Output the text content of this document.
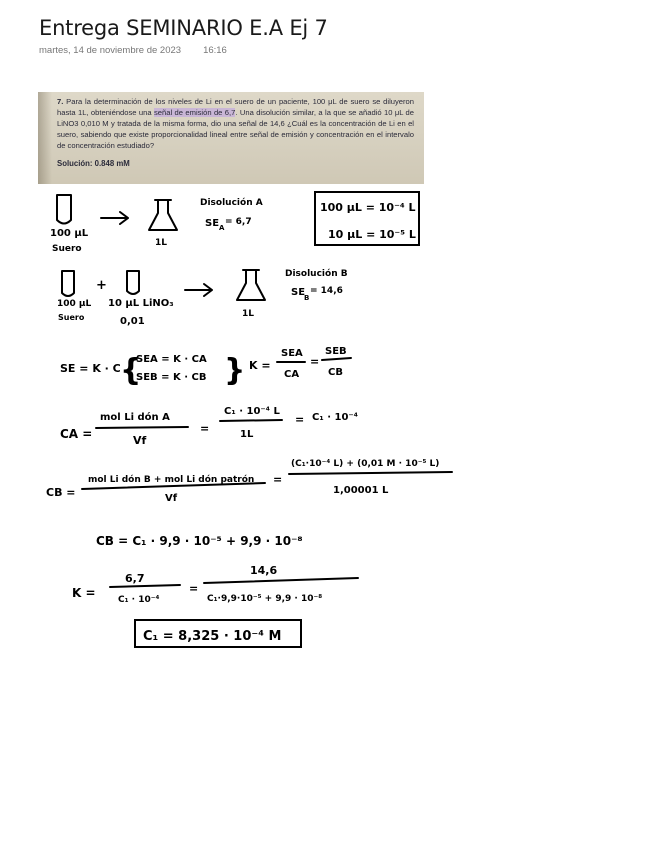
Entrega SEMINARIO E.A Ej 7
martes, 14 de noviembre de 2023 16:16
7. Para la determinación de los niveles de Li en el suero de un paciente, 100 μL de suero se diluyeron hasta 1L, obteniéndose una señal de emisión de 6,7. Una disolución similar, a la que se añadió 10 μL de LiNO3 0,010 M y tratada de la misma forma, dio una señal de 14,6 ¿Cuál es la concentración de Li en el suero, sabiendo que existe proporcionalidad lineal entre señal de emisión y concentración en el intervalo de concentración estudiado?
Solución: 0.848 mM
100 μL
Suero
1L
Disolución A
SE A
= 6,7
100 μL = 10⁻⁴ L
10 μL = 10⁻⁵ L
100 μL
Suero
+
10 μL LiNO₃
0,01
1L
Disolución B
SE
B
= 14,6
SE = K · C {
SEA = K · CA
SEB = K · CB } K =
SEA
CA
=
SEB
CB
CA =
mol Li dón A
Vf
=
C₁ · 10⁻⁴ L
1L
= C₁ · 10⁻⁴
CB =
mol Li dón B + mol Li dón patrón
Vf
=
(C₁·10⁻⁴ L) + (0,01 M · 10⁻⁵ L)
1,00001 L
CB = C₁ · 9,9 · 10⁻⁵ + 9,9 · 10⁻⁸
K =
6,7
C₁ · 10⁻⁴
=
14,6
C₁·9,9·10⁻⁵ + 9,9 · 10⁻⁸
C₁ = 8,325 · 10⁻⁴ M
